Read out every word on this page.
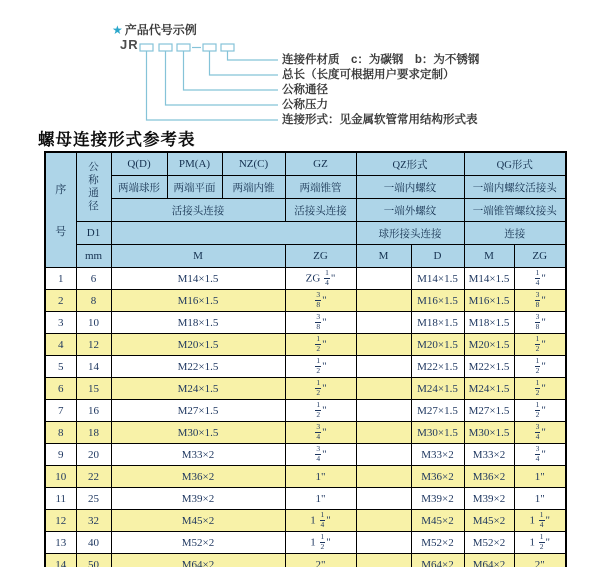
★ 产品代号示例
JR
连接件材质　c：为碳钢　b：为不锈钢
总长（长度可根据用户要求定制）
公称通径
公称压力
连接形式：见金属软管常用结构形式表
螺母连接形式参考表
序
号

公
称
通
径
	Q(D)	PM(A)	NZ(C)	GZ	QZ形式	QG形式
		两端球形	两端平面	两端内锥	两端锥管	一端内螺纹		一端内螺纹活接头	
		活接头连接			活接头连接	一端外螺纹		一端锥管螺纹接头	
	D1					球形接头连接		连接	
	mm	M			ZG	M	D	M	ZG
1	6	M14×1.5			ZG $\frac{1}{4}$ "		M14×1.5	M14×1.5	$\frac{1}{4}$ "
2	8	M16×1.5			$\frac{3}{8}$ "		M16×1.5	M16×1.5	$\frac{3}{8}$ "
3	10	M18×1.5			$\frac{3}{8}$ "		M18×1.5	M18×1.5	$\frac{3}{8}$ "
4	12	M20×1.5			$\frac{1}{2}$ "		M20×1.5	M20×1.5	$\frac{1}{2}$ "
5	14	M22×1.5			$\frac{1}{2}$ "		M22×1.5	M22×1.5	$\frac{1}{2}$ "
6	15	M24×1.5			$\frac{1}{2}$ "		M24×1.5	M24×1.5	$\frac{1}{2}$ "
7	16	M27×1.5			$\frac{1}{2}$ "		M27×1.5	M27×1.5	$\frac{1}{2}$ "
8	18	M30×1.5			$\frac{3}{4}$ "		M30×1.5	M30×1.5	$\frac{3}{4}$ "
9	20	M33×2			$\frac{3}{4}$ "		M33×2	M33×2	$\frac{3}{4}$ "
10	22	M36×2			1"		M36×2	M36×2	1"
11	25	M39×2			1"		M39×2	M39×2	1"
12	32	M45×2			$1 \frac{1}{4}$ "		M45×2	M45×2	$1 \frac{1}{4}$ "
13	40	M52×2			$1 \frac{1}{2}$ "		M52×2	M52×2	$1 \frac{1}{2}$ "
14	50	M64×2			2"		M64×2	M64×2	2"
